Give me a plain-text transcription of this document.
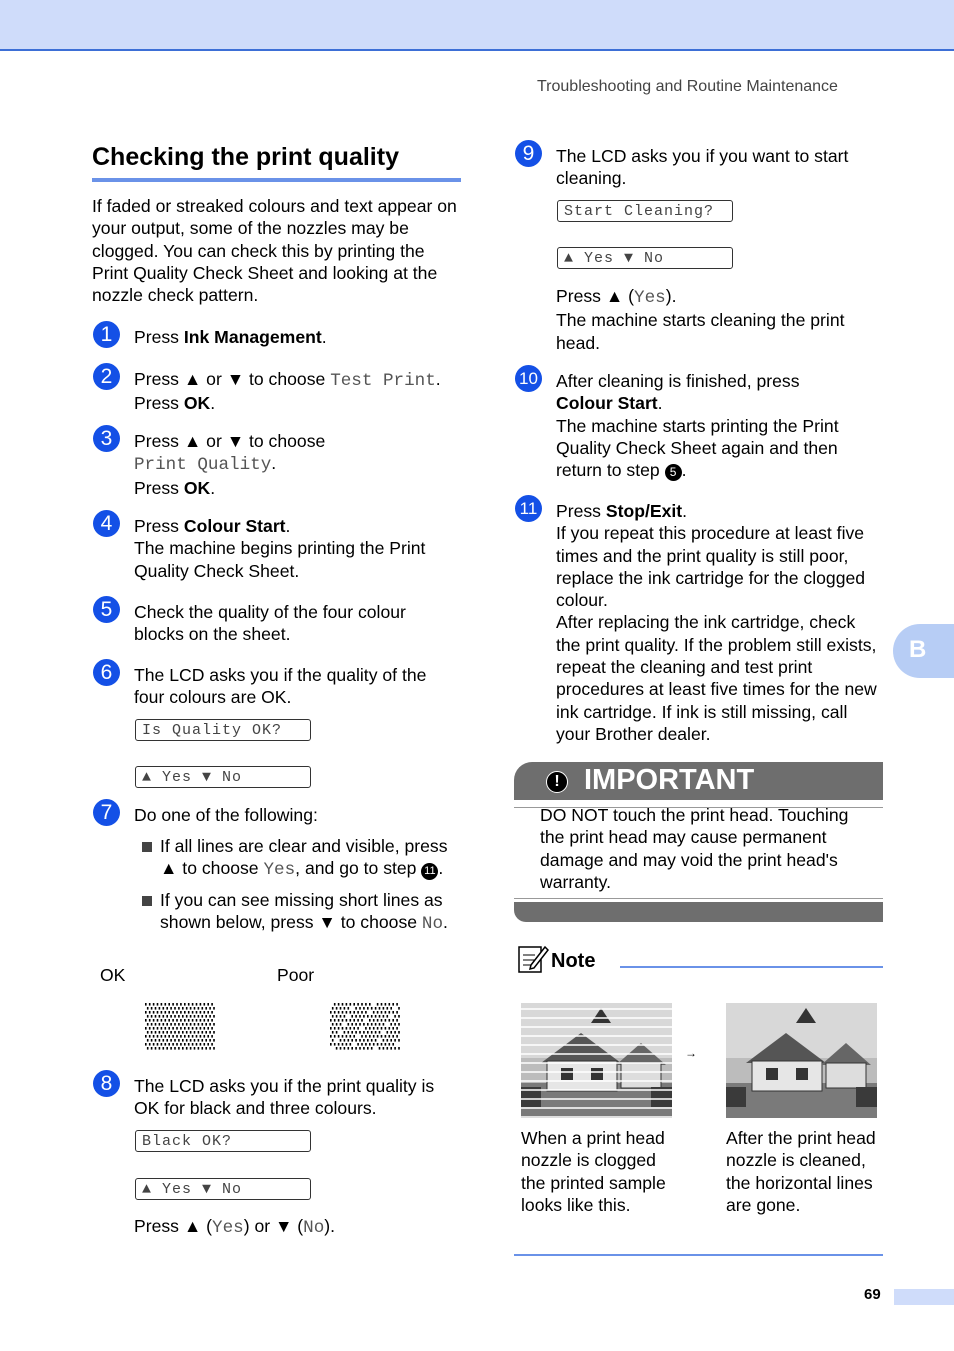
Troubleshooting and Routine Maintenance
Checking the print quality
If faded or streaked colours and text appear on your output, some of the nozzles may be clogged. You can check this by printing the Print Quality Check Sheet and looking at the nozzle check pattern.
1	Press Ink Management.
2	Press ▲ or ▼ to choose Test Print.
Press OK.
3	Press ▲ or ▼ to choose
Print Quality.
Press OK.
4	Press Colour Start.
The machine begins printing the Print Quality Check Sheet.
5	Check the quality of the four colour blocks on the sheet.
6	The LCD asks you if the quality of the four colours are OK.
Is Quality OK?
▲ Yes ▼ No
7	Do one of the following:
If all lines are clear and visible, press
▲ to choose Yes, and go to step 11 .
If you can see missing short lines as
shown below, press ▼ to choose No.
OK	Poor
8	The LCD asks you if the print quality is OK for black and three colours.
Black OK?
▲ Yes ▼ No
Press ▲ (Yes) or ▼ (No).
9	The LCD asks you if you want to start cleaning.
Start Cleaning?
▲ Yes ▼ No
Press ▲ (Yes).
The machine starts cleaning the print head.
10 After cleaning is finished, press
Colour Start.
The machine starts printing the Print Quality Check Sheet again and then return to step 5 .
11 Press Stop/Exit.
If you repeat this procedure at least five times and the print quality is still poor, replace the ink cartridge for the clogged colour.
After replacing the ink cartridge, check the print quality. If the problem still exists, repeat the cleaning and test print procedures at least five times for the new ink cartridge. If ink is still missing, call your Brother dealer.
B
! IMPORTANT
DO NOT touch the print head. Touching the print head may cause permanent damage and may void the print head's warranty.
Note
→
When a print head nozzle is clogged the printed sample looks like this.
After the print head nozzle is cleaned, the horizontal lines are gone.
69
